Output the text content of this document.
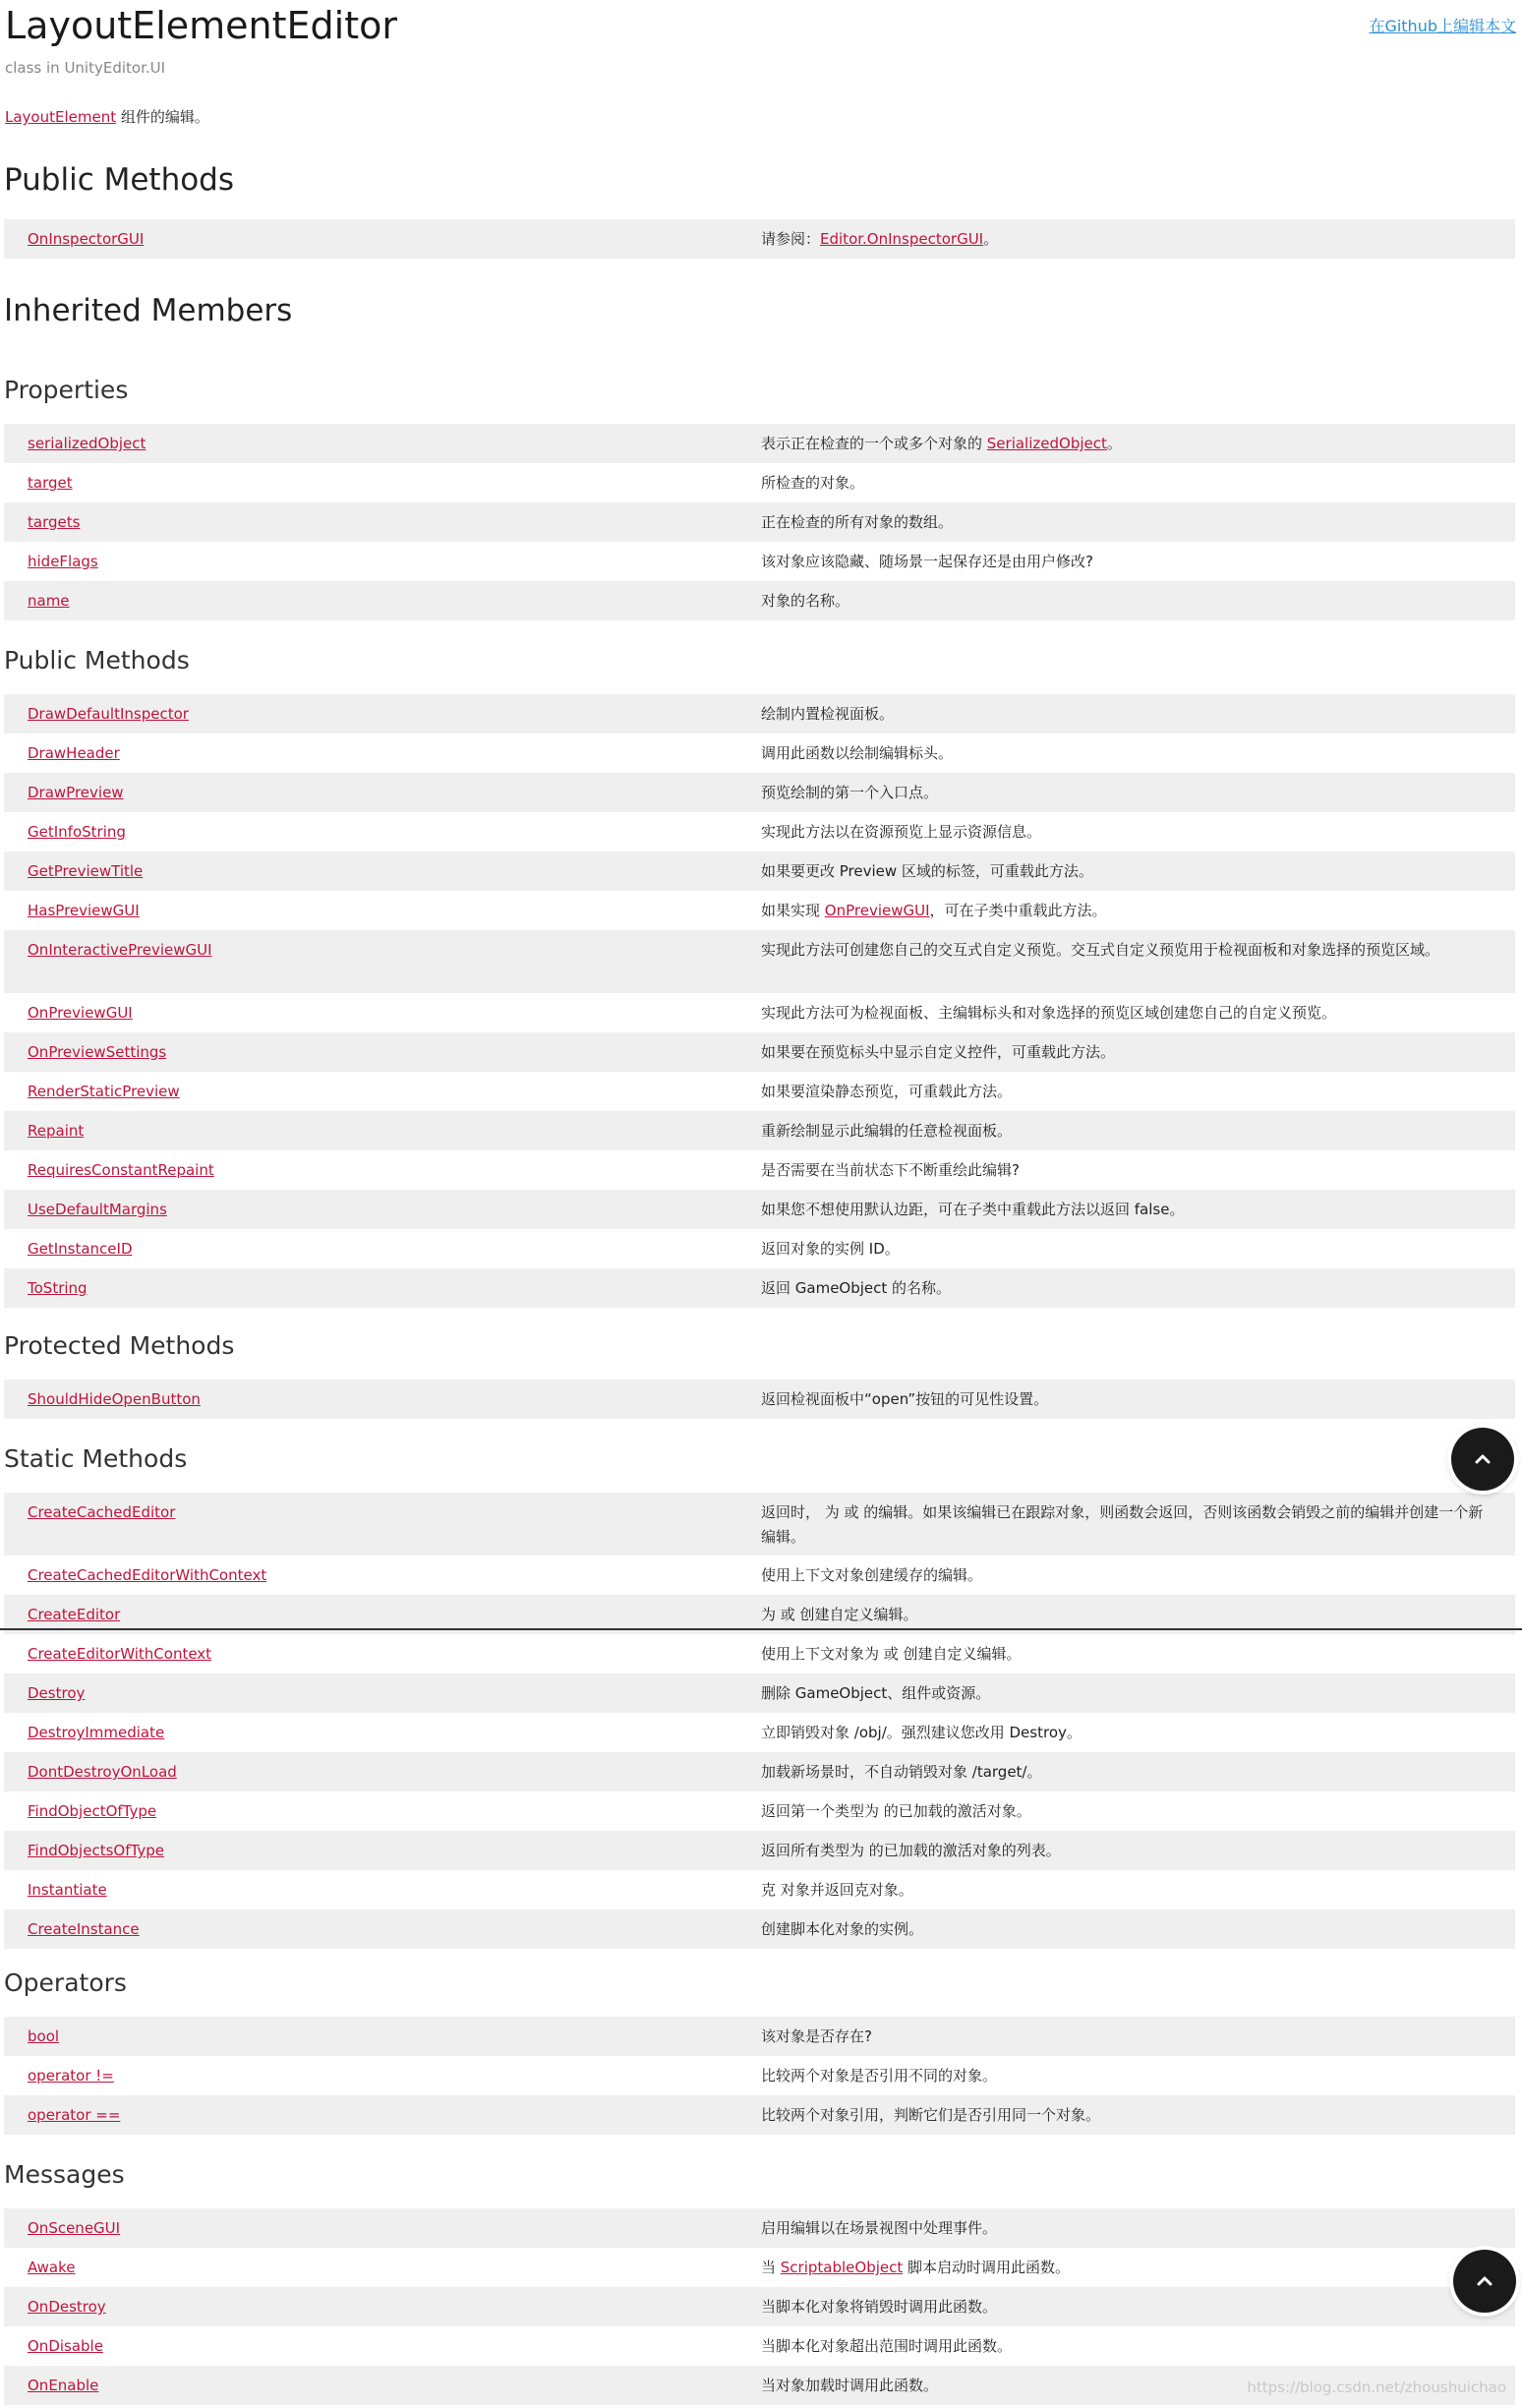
LayoutElementEditor	在Github上编辑本文
class in UnityEditor.UI
LayoutElement 组件的编辑。
Public Methods
OnInspectorGUI	请参阅：Editor.OnInspectorGUI。
Inherited Members
Properties
serializedObject	表示正在检查的一个或多个对象的 SerializedObject。
target	所检查的对象。
targets	正在检查的所有对象的数组。
hideFlags	该对象应该隐藏、随场景一起保存还是由用户修改?
name	对象的名称。
Public Methods
DrawDefaultInspector	绘制内置检视面板。
DrawHeader	调用此函数以绘制编辑标头。
DrawPreview	预览绘制的第一个入口点。
GetInfoString	实现此方法以在资源预览上显示资源信息。
GetPreviewTitle	如果要更改 Preview 区域的标签，可重载此方法。
HasPreviewGUI	如果实现 OnPreviewGUI，可在子类中重载此方法。
OnInteractivePreviewGUI	实现此方法可创建您自己的交互式自定义预览。交互式自定义预览用于检视面板和对象选择的预览区域。
OnPreviewGUI	实现此方法可为检视面板、主编辑标头和对象选择的预览区域创建您自己的自定义预览。
OnPreviewSettings	如果要在预览标头中显示自定义控件，可重载此方法。
RenderStaticPreview	如果要渲染静态预览，可重载此方法。
Repaint	重新绘制显示此编辑的任意检视面板。
RequiresConstantRepaint	是否需要在当前状态下不断重绘此编辑?
UseDefaultMargins	如果您不想使用默认边距，可在子类中重载此方法以返回 false。
GetInstanceID	返回对象的实例 ID。
ToString	返回 GameObject 的名称。
Protected Methods
ShouldHideOpenButton	返回检视面板中“open”按钮的可见性设置。
Static Methods
CreateCachedEditor	返回时， 为 或 的编辑。如果该编辑已在跟踪对象，则函数会返回，否则该函数会销毁之前的编辑并创建一个新编辑。
CreateCachedEditorWithContext	使用上下文对象创建缓存的编辑。
CreateEditor	为 或 创建自定义编辑。
CreateEditorWithContext	使用上下文对象为 或 创建自定义编辑。
Destroy	删除 GameObject、组件或资源。
DestroyImmediate	立即销毁对象 /obj/。强烈建议您改用 Destroy。
DontDestroyOnLoad	加载新场景时，不自动销毁对象 /target/。
FindObjectOfType	返回第一个类型为 的已加载的激活对象。
FindObjectsOfType	返回所有类型为 的已加载的激活对象的列表。
Instantiate	克 对象并返回克对象。
CreateInstance	创建脚本化对象的实例。
Operators
bool	该对象是否存在?
operator !=	比较两个对象是否引用不同的对象。
operator ==	比较两个对象引用，判断它们是否引用同一个对象。
Messages
OnSceneGUI	启用编辑以在场景视图中处理事件。
Awake	当 ScriptableObject 脚本启动时调用此函数。
OnDestroy	当脚本化对象将销毁时调用此函数。
OnDisable	当脚本化对象超出范围时调用此函数。
OnEnable	当对象加载时调用此函数。	https://blog.csdn.net/zhoushuichao
